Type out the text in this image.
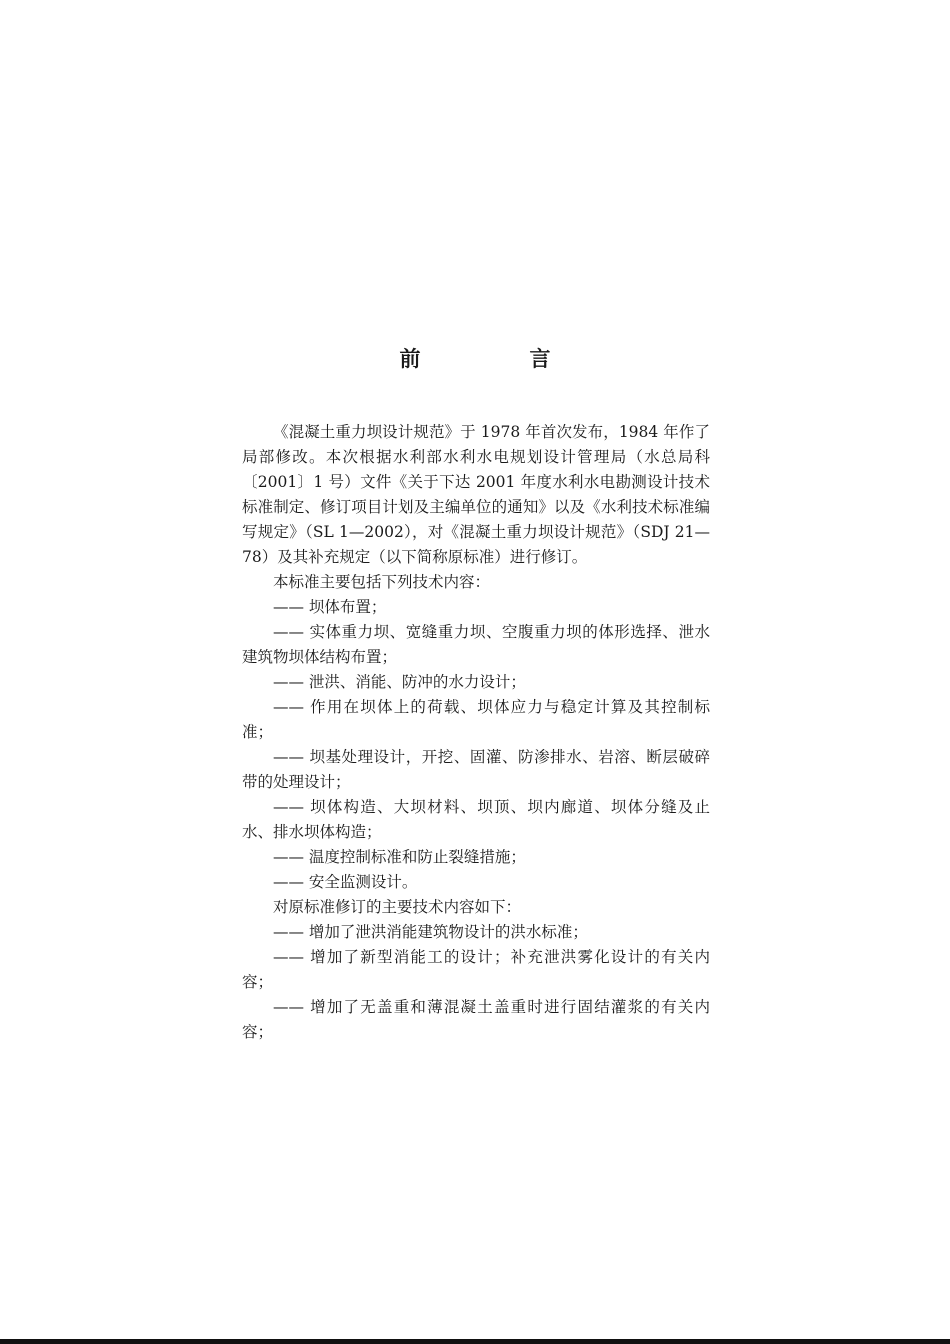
前　言

《混凝土重力坝设计规范》于 1978 年首次发布，1984 年作了局部修改。本次根据水利部水利水电规划设计管理局（水总局科〔2001〕1 号）文件《关于下达 2001 年度水利水电勘测设计技术标准制定、修订项目计划及主编单位的通知》以及《水利技术标准编写规定》（SL 1—2002），对《混凝土重力坝设计规范》（SDJ 21—78）及其补充规定（以下简称原标准）进行修订。

本标准主要包括下列技术内容：

—— 坝体布置；

—— 实体重力坝、宽缝重力坝、空腹重力坝的体形选择、泄水建筑物坝体结构布置；

—— 泄洪、消能、防冲的水力设计；

—— 作用在坝体上的荷载、坝体应力与稳定计算及其控制标准；

—— 坝基处理设计，开挖、固灌、防渗排水、岩溶、断层破碎带的处理设计；

—— 坝体构造、大坝材料、坝顶、坝内廊道、坝体分缝及止水、排水坝体构造；

—— 温度控制标准和防止裂缝措施；

—— 安全监测设计。

对原标准修订的主要技术内容如下：

—— 增加了泄洪消能建筑物设计的洪水标准；

—— 增加了新型消能工的设计；补充泄洪雾化设计的有关内容；

—— 增加了无盖重和薄混凝土盖重时进行固结灌浆的有关内容；
